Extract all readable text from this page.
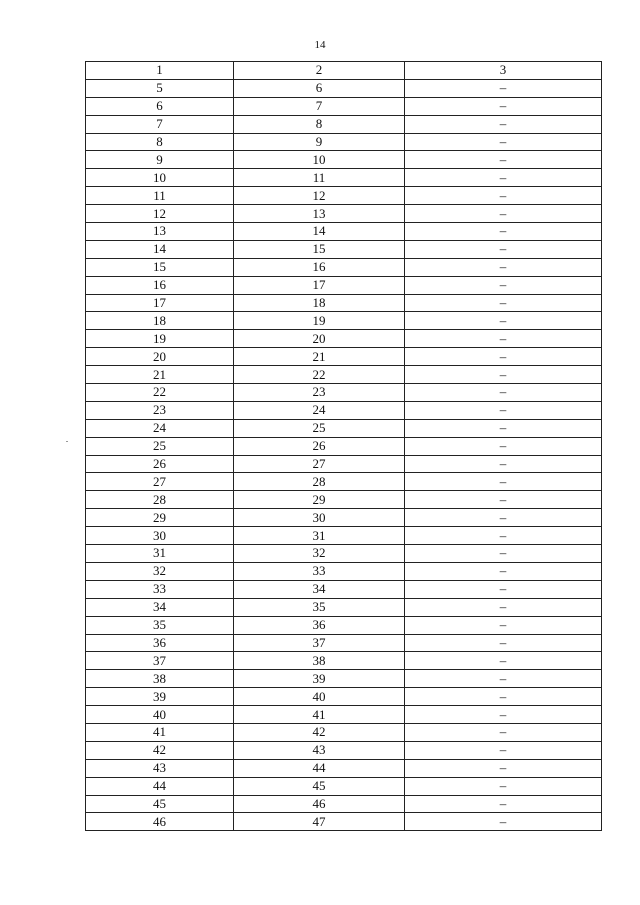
14
1	2	3
5	6	–
6	7	–
7	8	–
8	9	–
9	10	–
10	11	–
11	12	–
12	13	–
13	14	–
14	15	–
15	16	–
16	17	–
17	18	–
18	19	–
19	20	–
20	21	–
21	22	–
22	23	–
23	24	–
24	25	–
25	26	–
26	27	–
27	28	–
28	29	–
29	30	–
30	31	–
31	32	–
32	33	–
33	34	–
34	35	–
35	36	–
36	37	–
37	38	–
38	39	–
39	40	–
40	41	–
41	42	–
42	43	–
43	44	–
44	45	–
45	46	–
46	47	–
